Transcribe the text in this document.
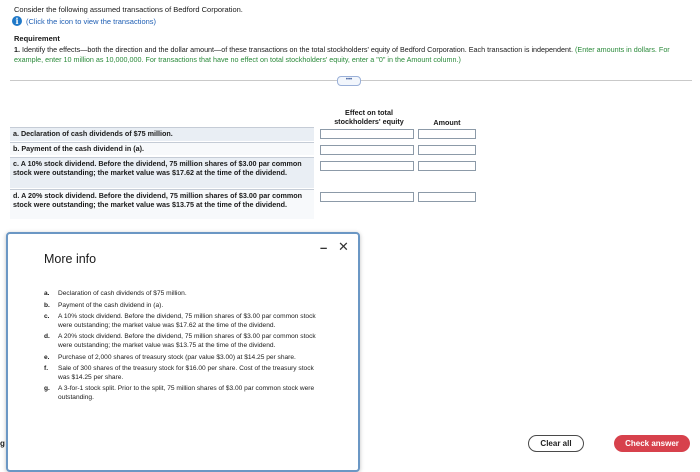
Consider the following assumed transactions of Bedford Corporation.
i (Click the icon to view the transactions)
Requirement
1. Identify the effects—both the direction and the dollar amount—of these transactions on the total stockholders' equity of Bedford Corporation. Each transaction is independent. (Enter amounts in dollars. For example, enter 10 million as 10,000,000. For transactions that have no effect on total stockholders' equity, enter a "0" in the Amount column.)
•••
Effect on total stockholders' equity	Amount
a. Declaration of cash dividends of $75 million.
b. Payment of the cash dividend in (a).
c. A 10% stock dividend. Before the dividend, 75 million shares of $3.00 par common stock were outstanding; the market value was $17.62 at the time of the dividend.
d. A 20% stock dividend. Before the dividend, 75 million shares of $3.00 par common stock were outstanding; the market value was $13.75 at the time of the dividend.
More info
– ✕
a.	Declaration of cash dividends of $75 million.
b.	Payment of the cash dividend in (a).
c.	A 10% stock dividend. Before the dividend, 75 million shares of $3.00 par common stock were outstanding; the market value was $17.62 at the time of the dividend.
d.	A 20% stock dividend. Before the dividend, 75 million shares of $3.00 par common stock were outstanding; the market value was $13.75 at the time of the dividend.
e.	Purchase of 2,000 shares of treasury stock (par value $3.00) at $14.25 per share.
f.	Sale of 300 shares of the treasury stock for $16.00 per share. Cost of the treasury stock was $14.25 per share.
g.	A 3-for-1 stock split. Prior to the split, 75 million shares of $3.00 par common stock were outstanding.
g	Clear all	Check answer
